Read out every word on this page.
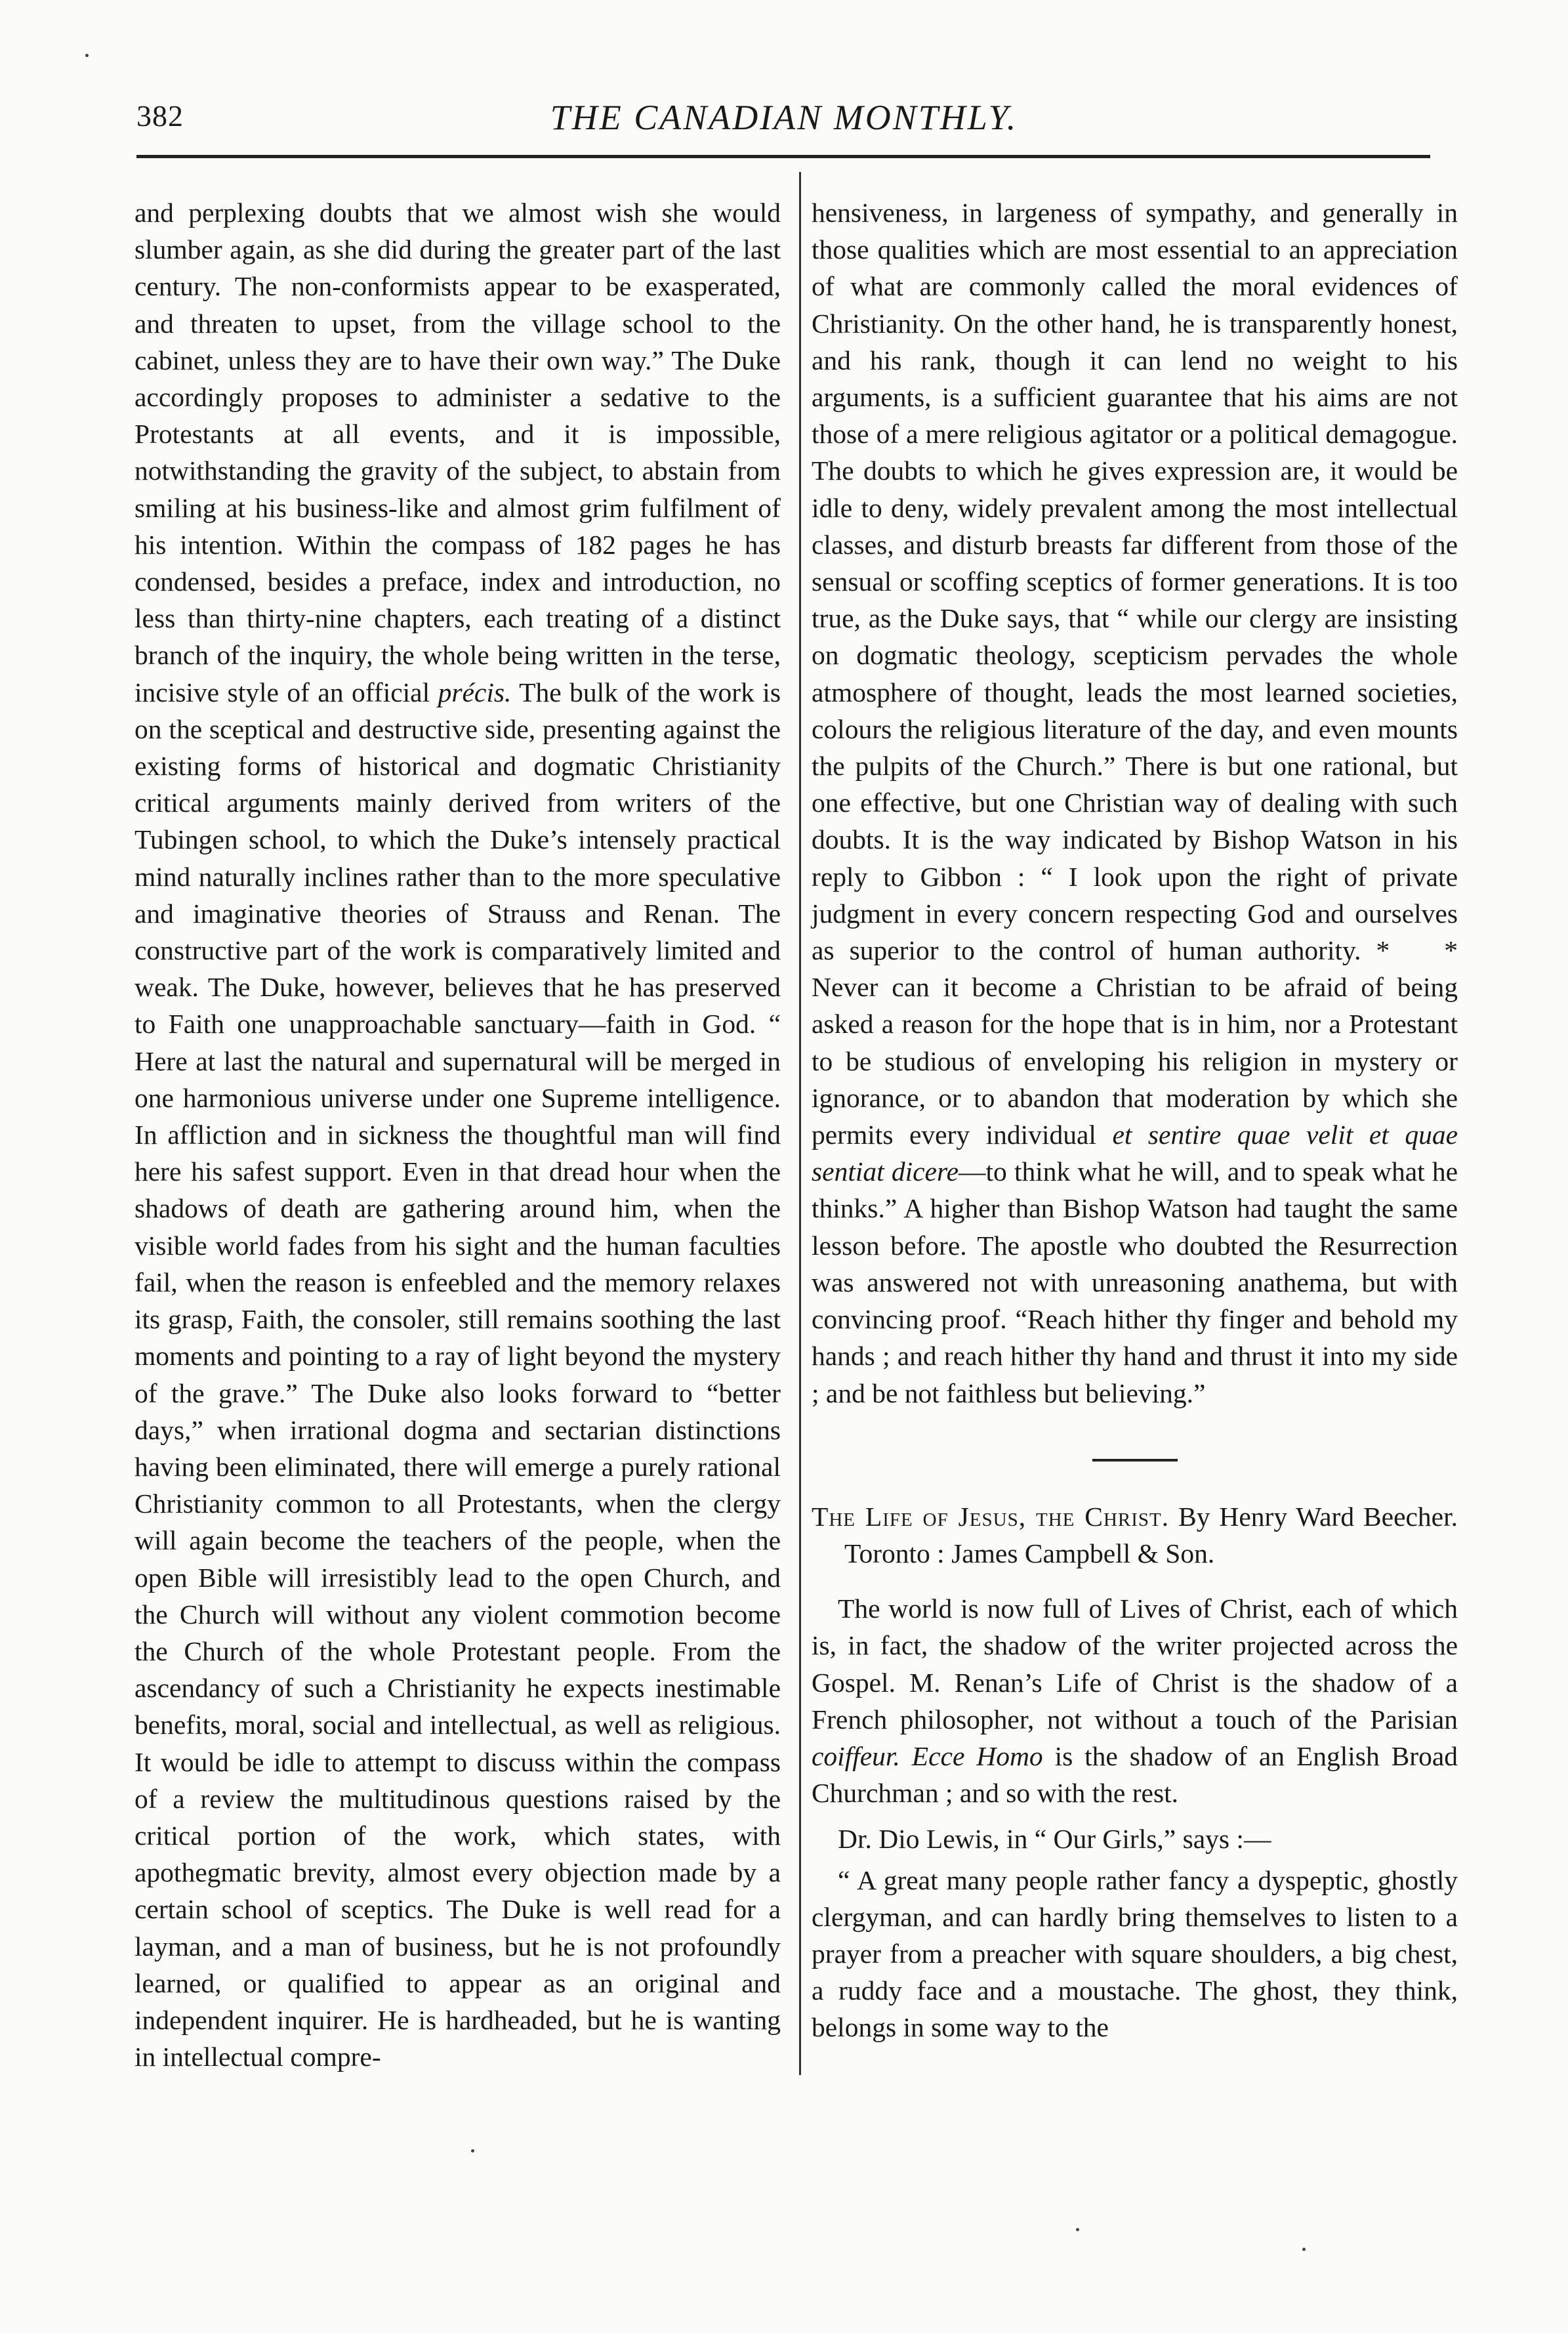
382	THE CANADIAN MONTHLY.

and perplexing doubts that we almost wish she would slumber again, as she did during the greater part of the last century. The non-conformists appear to be exasperated, and threaten to upset, from the village school to the cabinet, unless they are to have their own way.” The Duke accordingly proposes to administer a sedative to the Protestants at all events, and it is impossible, notwithstanding the gravity of the subject, to abstain from smiling at his business-like and almost grim fulfilment of his intention. Within the compass of 182 pages he has condensed, besides a preface, index and introduction, no less than thirty-nine chapters, each treating of a distinct branch of the inquiry, the whole being written in the terse, incisive style of an official précis. The bulk of the work is on the sceptical and destructive side, presenting against the existing forms of historical and dogmatic Christianity critical arguments mainly derived from writers of the Tubingen school, to which the Duke’s intensely practical mind naturally inclines rather than to the more speculative and imaginative theories of Strauss and Renan. The constructive part of the work is comparatively limited and weak. The Duke, however, believes that he has preserved to Faith one unapproachable sanctuary—faith in God. “ Here at last the natural and supernatural will be merged in one harmonious universe under one Supreme intelligence. In affliction and in sickness the thoughtful man will find here his safest support. Even in that dread hour when the shadows of death are gathering around him, when the visible world fades from his sight and the human faculties fail, when the reason is enfeebled and the memory relaxes its grasp, Faith, the consoler, still remains soothing the last moments and pointing to a ray of light beyond the mystery of the grave.” The Duke also looks forward to “better days,” when irrational dogma and sectarian distinctions having been eliminated, there will emerge a purely rational Christianity common to all Protestants, when the clergy will again become the teachers of the people, when the open Bible will irresistibly lead to the open Church, and the Church will without any violent commotion become the Church of the whole Protestant people. From the ascendancy of such a Christianity he expects inestimable benefits, moral, social and intellectual, as well as religious. It would be idle to attempt to discuss within the compass of a review the multitudinous questions raised by the critical portion of the work, which states, with apothegmatic brevity, almost every objection made by a certain school of sceptics. The Duke is well read for a layman, and a man of business, but he is not profoundly learned, or qualified to appear as an original and independent inquirer. He is hardheaded, but he is wanting in intellectual compre-

hensiveness, in largeness of sympathy, and generally in those qualities which are most essential to an appreciation of what are commonly called the moral evidences of Christianity. On the other hand, he is transparently honest, and his rank, though it can lend no weight to his arguments, is a sufficient guarantee that his aims are not those of a mere religious agitator or a political demagogue. The doubts to which he gives expression are, it would be idle to deny, widely prevalent among the most intellectual classes, and disturb breasts far different from those of the sensual or scoffing sceptics of former generations. It is too true, as the Duke says, that “ while our clergy are insisting on dogmatic theology, scepticism pervades the whole atmosphere of thought, leads the most learned societies, colours the religious literature of the day, and even mounts the pulpits of the Church.” There is but one rational, but one effective, but one Christian way of dealing with such doubts. It is the way indicated by Bishop Watson in his reply to Gibbon : “ I look upon the right of private judgment in every concern respecting God and ourselves as superior to the control of human authority. *  * Never can it become a Christian to be afraid of being asked a reason for the hope that is in him, nor a Protestant to be studious of enveloping his religion in mystery or ignorance, or to abandon that moderation by which she permits every individual et sentire quae velit et quae sentiat dicere—to think what he will, and to speak what he thinks.” A higher than Bishop Watson had taught the same lesson before. The apostle who doubted the Resurrection was answered not with unreasoning anathema, but with convincing proof. “Reach hither thy finger and behold my hands ; and reach hither thy hand and thrust it into my side ; and be not faithless but believing.”

The Life of Jesus, the Christ. By Henry Ward Beecher. Toronto : James Campbell & Son.

The world is now full of Lives of Christ, each of which is, in fact, the shadow of the writer projected across the Gospel. M. Renan’s Life of Christ is the shadow of a French philosopher, not without a touch of the Parisian coiffeur. Ecce Homo is the shadow of an English Broad Churchman ; and so with the rest.

Dr. Dio Lewis, in “ Our Girls,” says :—

“ A great many people rather fancy a dyspeptic, ghostly clergyman, and can hardly bring themselves to listen to a prayer from a preacher with square shoulders, a big chest, a ruddy face and a moustache. The ghost, they think, belongs in some way to the
